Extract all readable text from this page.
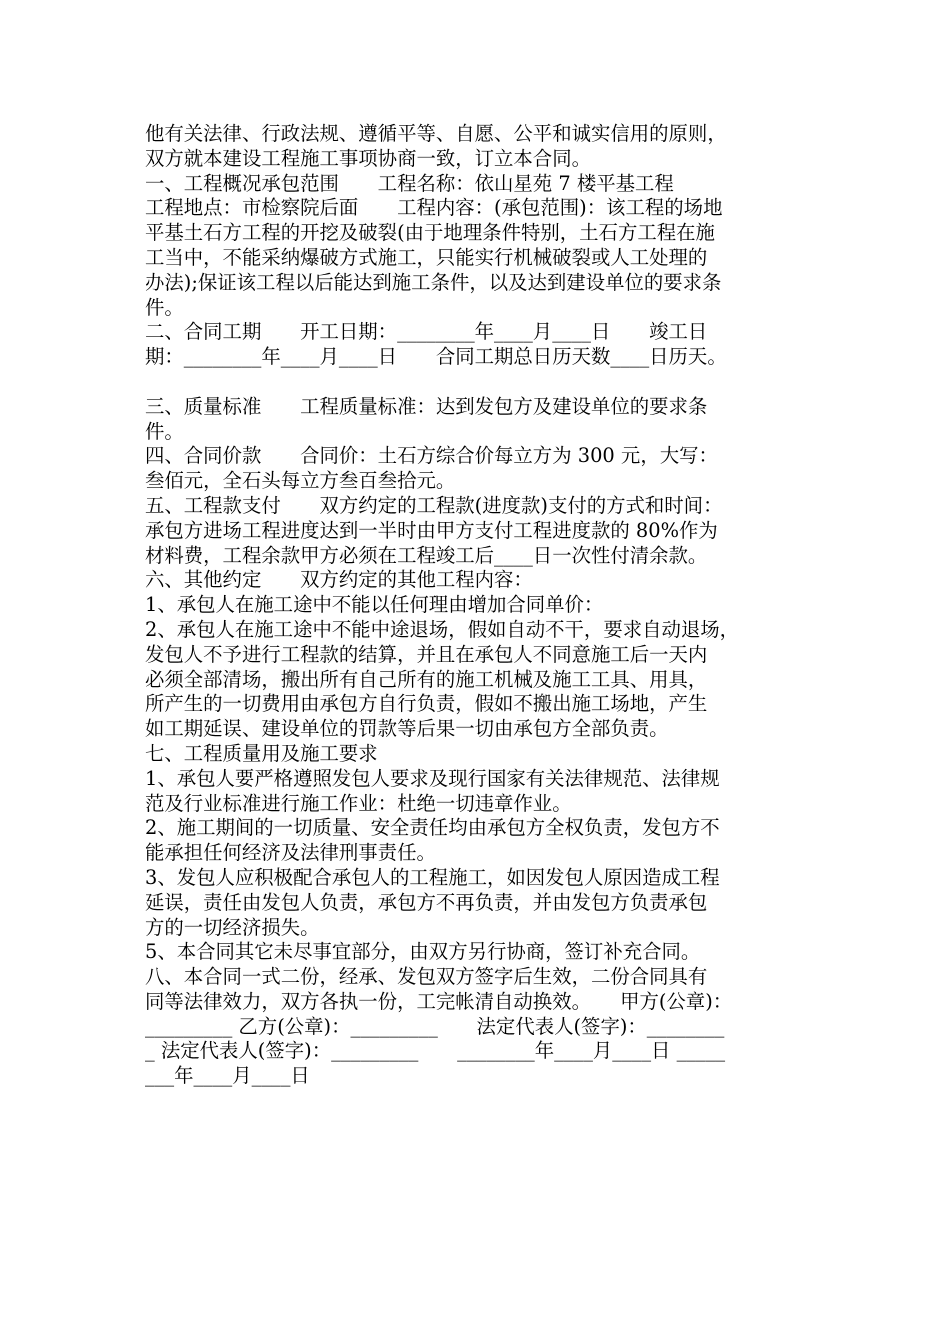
他有关法律、行政法规、遵循平等、自愿、公平和诚实信用的原则，
双方就本建设工程施工事项协商一致，订立本合同。
一、工程概况承包范围　　工程名称：依山星苑 7 楼平基工程
工程地点：市检察院后面　　工程内容：(承包范围)：该工程的场地
平基土石方工程的开挖及破裂(由于地理条件特别，土石方工程在施
工当中，不能采纳爆破方式施工，只能实行机械破裂或人工处理的
办法);保证该工程以后能达到施工条件，以及达到建设单位的要求条
件。
二、合同工期　　开工日期：________年____月____日　　竣工日
期：________年____月____日　　合同工期总日历天数____日历天。
三、质量标准　　工程质量标准：达到发包方及建设单位的要求条
件。
四、合同价款　　合同价：土石方综合价每立方为 300 元，大写：
叁佰元，全石头每立方叁百叁拾元。
五、工程款支付　　双方约定的工程款(进度款)支付的方式和时间：
承包方进场工程进度达到一半时由甲方支付工程进度款的 80%作为
材料费，工程余款甲方必须在工程竣工后____日一次性付清余款。
六、其他约定　　双方约定的其他工程内容：
1、承包人在施工途中不能以任何理由增加合同单价：
2、承包人在施工途中不能中途退场，假如自动不干，要求自动退场，
发包人不予进行工程款的结算，并且在承包人不同意施工后一天内
必须全部清场，搬出所有自己所有的施工机械及施工工具、用具，
所产生的一切费用由承包方自行负责，假如不搬出施工场地，产生
如工期延误、建设单位的罚款等后果一切由承包方全部负责。
七、工程质量用及施工要求
1、承包人要严格遵照发包人要求及现行国家有关法律规范、法律规
范及行业标准进行施工作业：杜绝一切违章作业。
2、施工期间的一切质量、安全责任均由承包方全权负责，发包方不
能承担任何经济及法律刑事责任。
3、发包人应积极配合承包人的工程施工，如因发包人原因造成工程
延误，责任由发包人负责，承包方不再负责，并由发包方负责承包
方的一切经济损失。
5、本合同其它未尽事宜部分，由双方另行协商，签订补充合同。
八、本合同一式二份，经承、发包双方签字后生效，二份合同具有
同等法律效力，双方各执一份，工完帐清自动换效。　　甲方(公章)：
_________ 乙方(公章)：_________　　法定代表人(签字)：________
_ 法定代表人(签字)：_________　　________年____月____日 _____
___年____月____日
